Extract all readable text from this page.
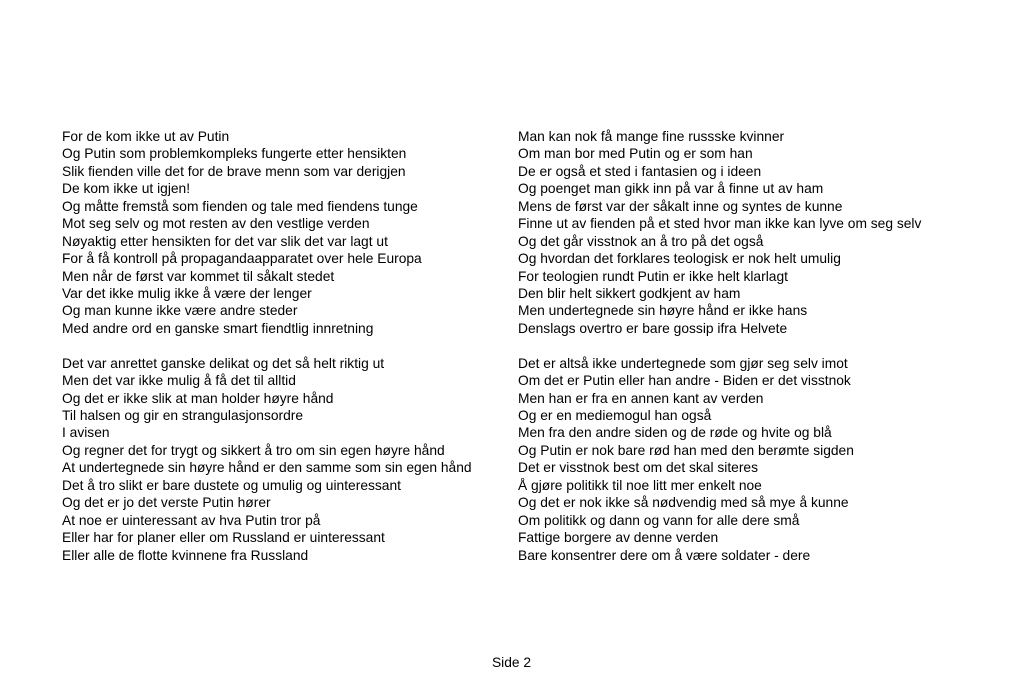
For de kom ikke ut av Putin
Og Putin som problemkompleks fungerte etter hensikten
Slik fienden ville det for de brave menn som var derigjen
De kom ikke ut igjen!
Og måtte fremstå som fienden og tale med fiendens tunge
Mot seg selv og mot resten av den vestlige verden
Nøyaktig etter hensikten for det var slik det var lagt ut
For å få kontroll på propagandaapparatet over hele Europa
Men når de først var kommet til såkalt stedet
Var det ikke mulig ikke å være der lenger
Og man kunne ikke være andre steder
Med andre ord en ganske smart fiendtlig innretning
Det var anrettet ganske delikat og det så helt riktig ut
Men det var ikke mulig å få det til alltid
Og det er ikke slik at man holder høyre hånd
Til halsen og gir en strangulasjonsordre
I avisen
Og regner det for trygt og sikkert å tro om sin egen høyre hånd
At undertegnede sin høyre hånd er den samme som sin egen hånd
Det å tro slikt er bare dustete og umulig og uinteressant
Og det er jo det verste Putin hører
At noe er uinteressant av hva Putin tror på
Eller har for planer eller om Russland er uinteressant
Eller alle de flotte kvinnene fra Russland
Man kan nok få mange fine russske kvinner
Om man bor med Putin og er som han
De er også et sted i fantasien og i ideen
Og poenget man gikk inn på var å finne ut av ham
Mens de først var der såkalt inne og syntes de kunne
Finne ut av fienden på et sted hvor man ikke kan lyve om seg selv
Og det går visstnok an å tro på det også
Og hvordan det forklares teologisk er nok helt umulig
For teologien rundt Putin er ikke helt klarlagt
Den blir helt sikkert godkjent av ham
Men undertegnede sin høyre hånd er ikke hans
Denslags overtro er bare gossip ifra Helvete
Det er altså ikke undertegnede som gjør seg selv imot
Om det er Putin eller han andre - Biden er det visstnok
Men han er fra en annen kant av verden
Og er en mediemogul han også
Men fra den andre siden og de røde og hvite og blå
Og Putin er nok bare rød han med den berømte sigden
Det er visstnok best om det skal siteres
Å gjøre politikk til noe litt mer enkelt noe
Og det er nok ikke så nødvendig med så mye å kunne
Om politikk og dann og vann for alle dere små
Fattige borgere av denne verden
Bare konsentrer dere om å være soldater - dere
Side 2
